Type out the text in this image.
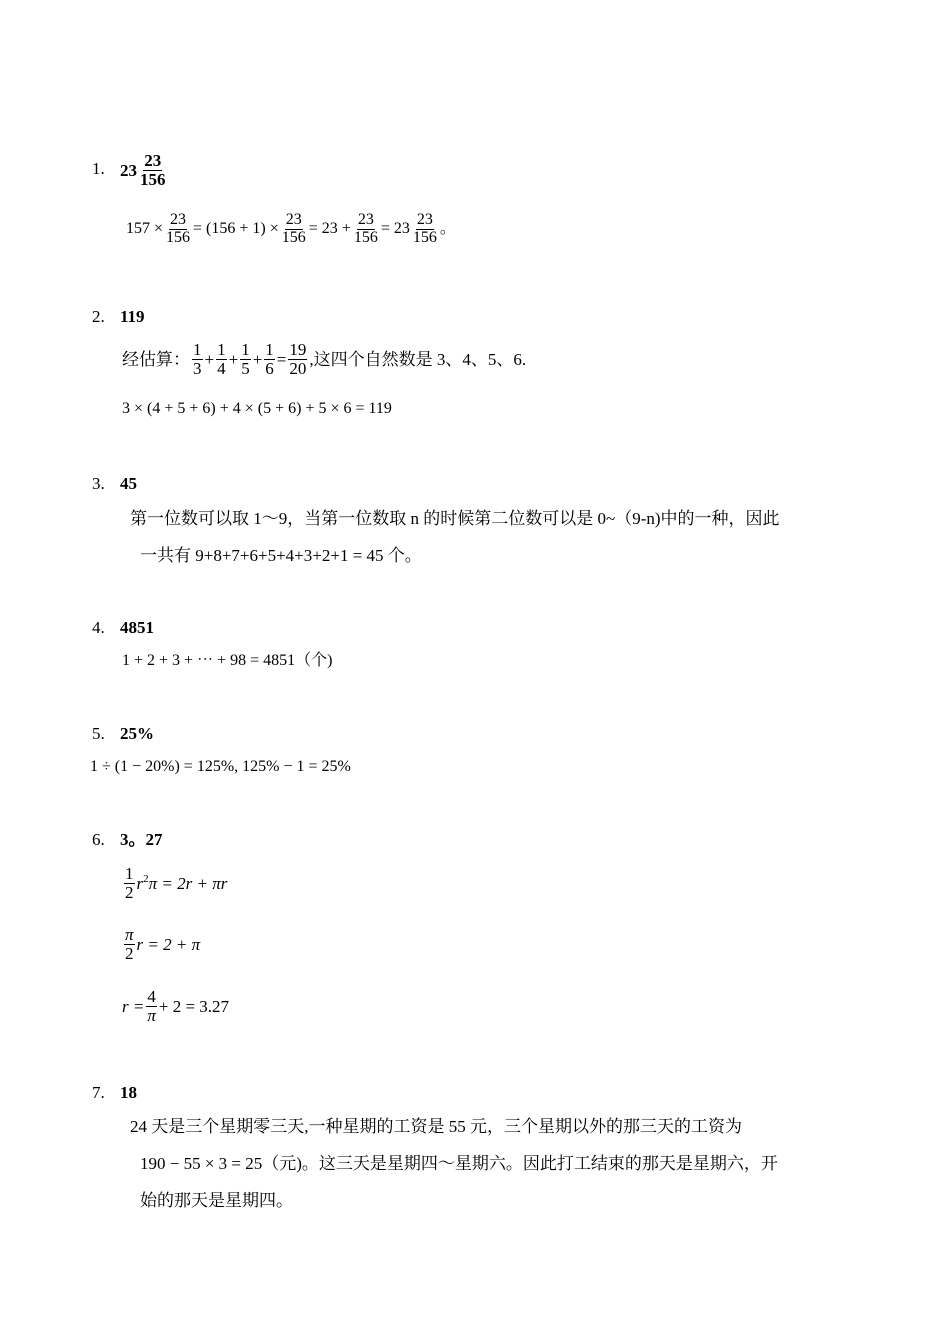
1. $23 \frac{23}{156}$
$157 \times \frac{23}{156} = (156 + 1) \times \frac{23}{156} = 23 + \frac{23}{156} = 23 \frac{23}{156}$ 。
2. 119
经估算： $\frac{1}{3} + \frac{1}{4} + \frac{1}{5} + \frac{1}{6} = \frac{19}{20}$ ,这四个自然数是 3、4、5、6.
3 × (4 + 5 + 6) + 4 × (5 + 6) + 5 × 6 = 119
3. 45
第一位数可以取 1～9，当第一位数取 n 的时候第二位数可以是 0~（9-n)中的一种，因此
一共有 9+8+7+6+5+4+3+2+1 = 45 个。
4. 4851
1 + 2 + 3 + ⋯ + 98 = 4851（个)
5. 25%
1 ÷ (1 − 20%) = 125%, 125% − 1 = 25%
6. 3。27
$\frac{1}{2} r^2$ π = 2r + πr
$\frac{\pi}{2}$ r = 2 + π
$r = \frac{4}{\pi} + 2 = 3.27$
7. 18
24 天是三个星期零三天,一种星期的工资是 55 元，三个星期以外的那三天的工资为
190 − 55 × 3 = 25（元)。这三天是星期四～星期六。因此打工结束的那天是星期六，开
始的那天是星期四。
